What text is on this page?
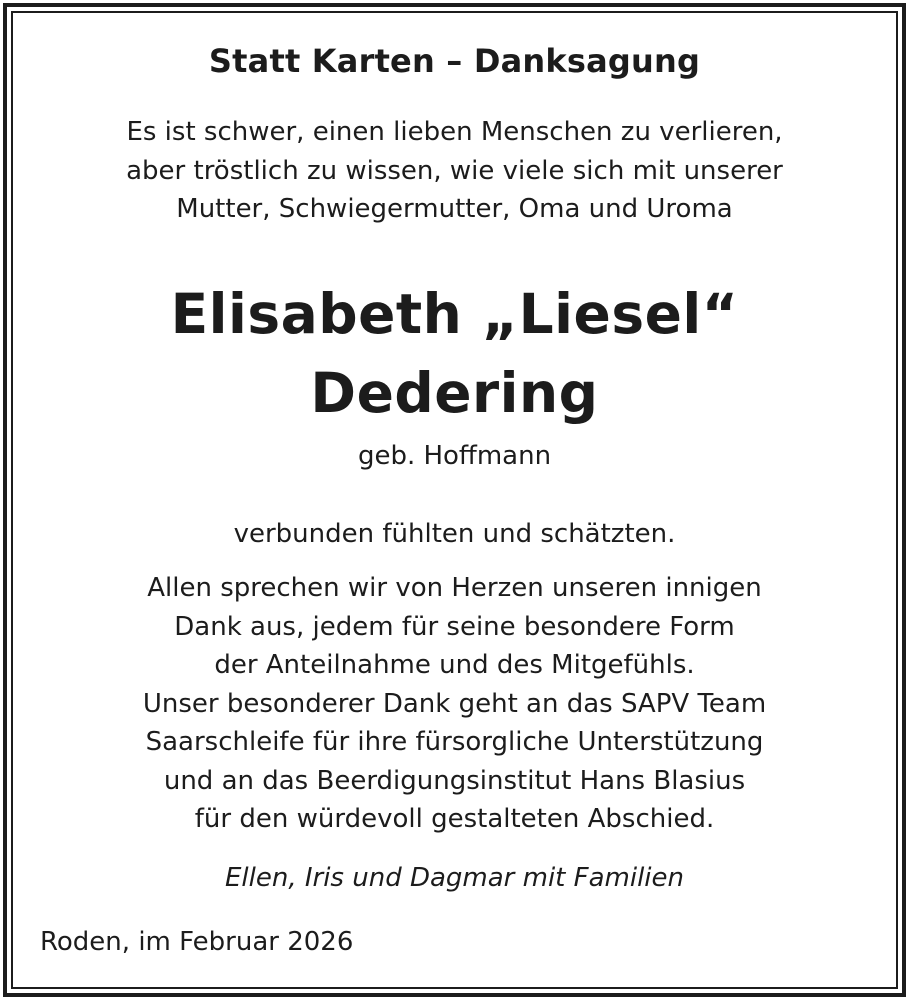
Statt Karten – Danksagung
Es ist schwer, einen lieben Menschen zu verlieren,
aber tröstlich zu wissen, wie viele sich mit unserer
Mutter, Schwiegermutter, Oma und Uroma
Elisabeth „Liesel“
Dedering
geb. Hoffmann
verbunden fühlten und schätzten.
Allen sprechen wir von Herzen unseren innigen
Dank aus, jedem für seine besondere Form
der Anteilnahme und des Mitgefühls.
Unser besonderer Dank geht an das SAPV Team
Saarschleife für ihre fürsorgliche Unterstützung
und an das Beerdigungsinstitut Hans Blasius
für den würdevoll gestalteten Abschied.
Ellen, Iris und Dagmar mit Familien
Roden, im Februar 2026
